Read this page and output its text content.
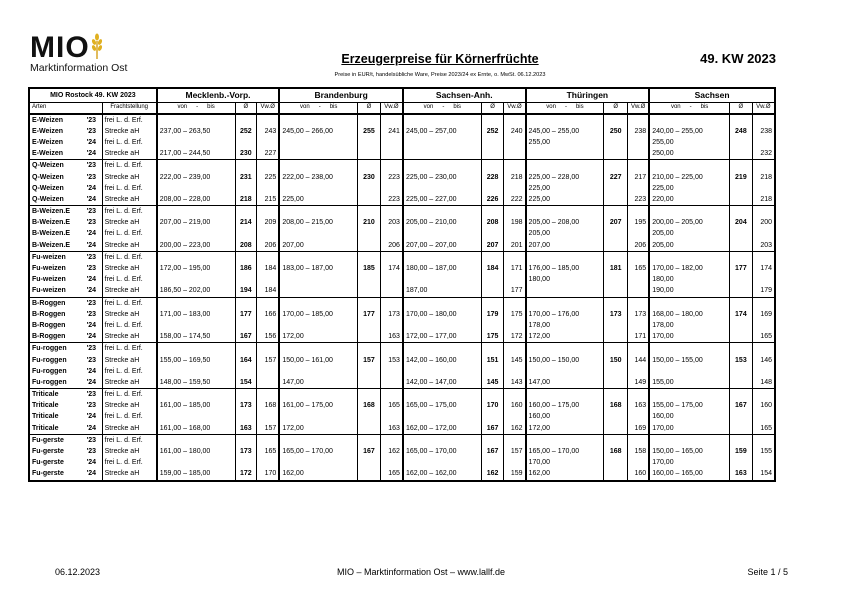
MIO
Marktinformation Ost
Erzeugerpreise für Körnerfrüchte	49. KW 2023
Preise in EUR/t, handelsübliche Ware, Preise 2023/24 ex Ernte, o. MwSt. 06.12.2023
MIO Rostock 49. KW 2023			Mecklenb.-Vorp.			Brandenburg			Sachsen-Anh.			Thüringen			Sachsen		
Arten		Frachtstellung	von - bis	Ø	Vw.Ø	von - bis	Ø	Vw.Ø	von - bis	Ø	Vw.Ø	von - bis	Ø	Vw.Ø	von - bis	Ø	Vw.Ø
E-Weizen	'23	frei L. d. Erf.															
E-Weizen	'23	Strecke aH	237,00 – 263,50	252	243	245,00 – 266,00	255	241	245,00 – 257,00	252	240	245,00 – 255,00	250	238	240,00 – 255,00	248	238
E-Weizen	'24	frei L. d. Erf.										255,00			255,00		
E-Weizen	'24	Strecke aH	217,00 – 244,50	230	227										250,00		232
Q-Weizen	'23	frei L. d. Erf.															
Q-Weizen	'23	Strecke aH	222,00 – 239,00	231	225	222,00 – 238,00	230	223	225,00 – 230,00	228	218	225,00 – 228,00	227	217	210,00 – 225,00	219	218
Q-Weizen	'24	frei L. d. Erf.										225,00			225,00		
Q-Weizen	'24	Strecke aH	208,00 – 228,00	218	215	225,00		223	225,00 – 227,00	226	222	225,00		223	220,00		218
B-Weizen.E	'23	frei L. d. Erf.															
B-Weizen.E	'23	Strecke aH	207,00 – 219,00	214	209	208,00 – 215,00	210	203	205,00 – 210,00	208	198	205,00 – 208,00	207	195	200,00 – 205,00	204	200
B-Weizen.E	'24	frei L. d. Erf.										205,00			205,00		
B-Weizen.E	'24	Strecke aH	200,00 – 223,00	208	206	207,00		206	207,00 – 207,00	207	201	207,00		206	205,00		203
Fu-weizen	'23	frei L. d. Erf.															
Fu-weizen	'23	Strecke aH	172,00 – 195,00	186	184	183,00 – 187,00	185	174	180,00 – 187,00	184	171	176,00 – 185,00	181	165	170,00 – 182,00	177	174
Fu-weizen	'24	frei L. d. Erf.										180,00			180,00		
Fu-weizen	'24	Strecke aH	186,50 – 202,00	194	184				187,00		177				190,00		179
B-Roggen	'23	frei L. d. Erf.															
B-Roggen	'23	Strecke aH	171,00 – 183,00	177	166	170,00 – 185,00	177	173	170,00 – 180,00	179	175	170,00 – 176,00	173	173	168,00 – 180,00	174	169
B-Roggen	'24	frei L. d. Erf.										178,00			178,00		
B-Roggen	'24	Strecke aH	158,00 – 174,50	167	156	172,00		163	172,00 – 177,00	175	172	172,00		171	170,00		165
Fu-roggen	'23	frei L. d. Erf.															
Fu-roggen	'23	Strecke aH	155,00 – 169,50	164	157	150,00 – 161,00	157	153	142,00 – 160,00	151	145	150,00 – 150,00	150	144	150,00 – 155,00	153	146
Fu-roggen	'24	frei L. d. Erf.															
Fu-roggen	'24	Strecke aH	148,00 – 159,50	154		147,00			142,00 – 147,00	145	143	147,00		149	155,00		148
Triticale	'23	frei L. d. Erf.															
Triticale	'23	Strecke aH	161,00 – 185,00	173	168	161,00 – 175,00	168	165	165,00 – 175,00	170	160	160,00 – 175,00	168	163	155,00 – 175,00	167	160
Triticale	'24	frei L. d. Erf.										160,00			160,00		
Triticale	'24	Strecke aH	161,00 – 168,00	163	157	172,00		163	162,00 – 172,00	167	162	172,00		169	170,00		165
Fu-gerste	'23	frei L. d. Erf.															
Fu-gerste	'23	Strecke aH	161,00 – 180,00	173	165	165,00 – 170,00	167	162	165,00 – 170,00	167	157	165,00 – 170,00	168	158	150,00 – 165,00	159	155
Fu-gerste	'24	frei L. d. Erf.										170,00			170,00		
Fu-gerste	'24	Strecke aH	159,00 – 185,00	172	170	162,00		165	162,00 – 162,00	162	159	162,00		160	160,00 – 165,00	163	154
06.12.2023	MIO – Marktinformation Ost – www.lallf.de	Seite 1 / 5
